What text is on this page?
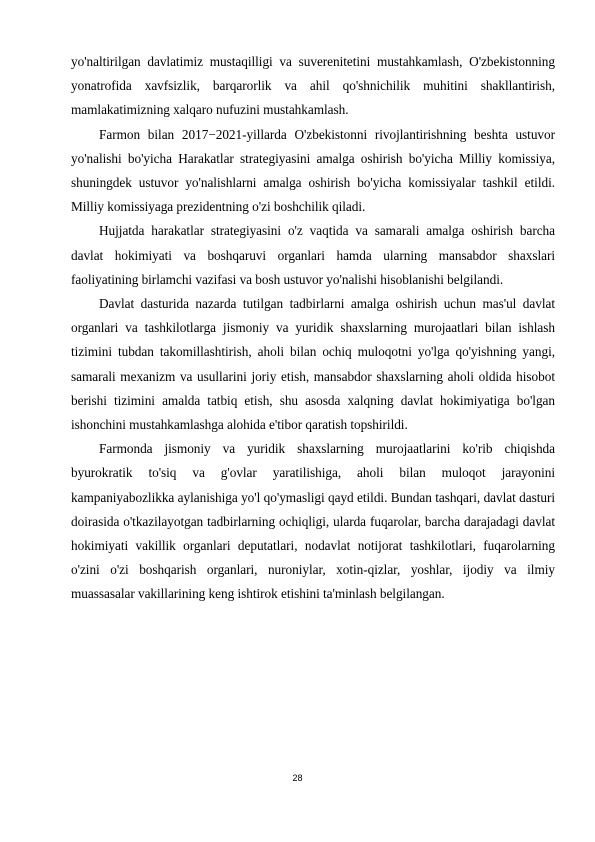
yo'naltirilgan davlatimiz mustaqilligi va suverenitetini mustahkamlash, O'zbekistonning yonatrofida xavfsizlik, barqarorlik va ahil qo'shnichilik muhitini shakllantirish, mamlakatimizning xalqaro nufuzini mustahkamlash.

Farmon bilan 2017−2021-yillarda O'zbekistonni rivojlantirishning beshta ustuvor yo'nalishi bo'yicha Harakatlar strategiyasini amalga oshirish bo'yicha Milliy komissiya, shuningdek ustuvor yo'nalishlarni amalga oshirish bo'yicha komissiyalar tashkil etildi. Milliy komissiyaga prezidentning o'zi boshchilik qiladi.

Hujjatda harakatlar strategiyasini o'z vaqtida va samarali amalga oshirish barcha davlat hokimiyati va boshqaruvi organlari hamda ularning mansabdor shaxslari faoliyatining birlamchi vazifasi va bosh ustuvor yo'nalishi hisoblanishi belgilandi.

Davlat dasturida nazarda tutilgan tadbirlarni amalga oshirish uchun mas'ul davlat organlari va tashkilotlarga jismoniy va yuridik shaxslarning murojaatlari bilan ishlash tizimini tubdan takomillashtirish, aholi bilan ochiq muloqotni yo'lga qo'yishning yangi, samarali mexanizm va usullarini joriy etish, mansabdor shaxslarning aholi oldida hisobot berishi tizimini amalda tatbiq etish, shu asosda xalqning davlat hokimiyatiga bo'lgan ishonchini mustahkamlashga alohida e'tibor qaratish topshirildi.

Farmonda jismoniy va yuridik shaxslarning murojaatlarini ko'rib chiqishda byurokratik to'siq va g'ovlar yaratilishiga, aholi bilan muloqot jarayonini kampaniyabozlikka aylanishiga yo'l qo'ymasligi qayd etildi. Bundan tashqari, davlat dasturi doirasida o'tkazilayotgan tadbirlarning ochiqligi, ularda fuqarolar, barcha darajadagi davlat hokimiyati vakillik organlari deputatlari, nodavlat notijorat tashkilotlari, fuqarolarning o'zini o'zi boshqarish organlari, nuroniylar, xotin-qizlar, yoshlar, ijodiy va ilmiy muassasalar vakillarining keng ishtirok etishini ta'minlash belgilangan.

28
